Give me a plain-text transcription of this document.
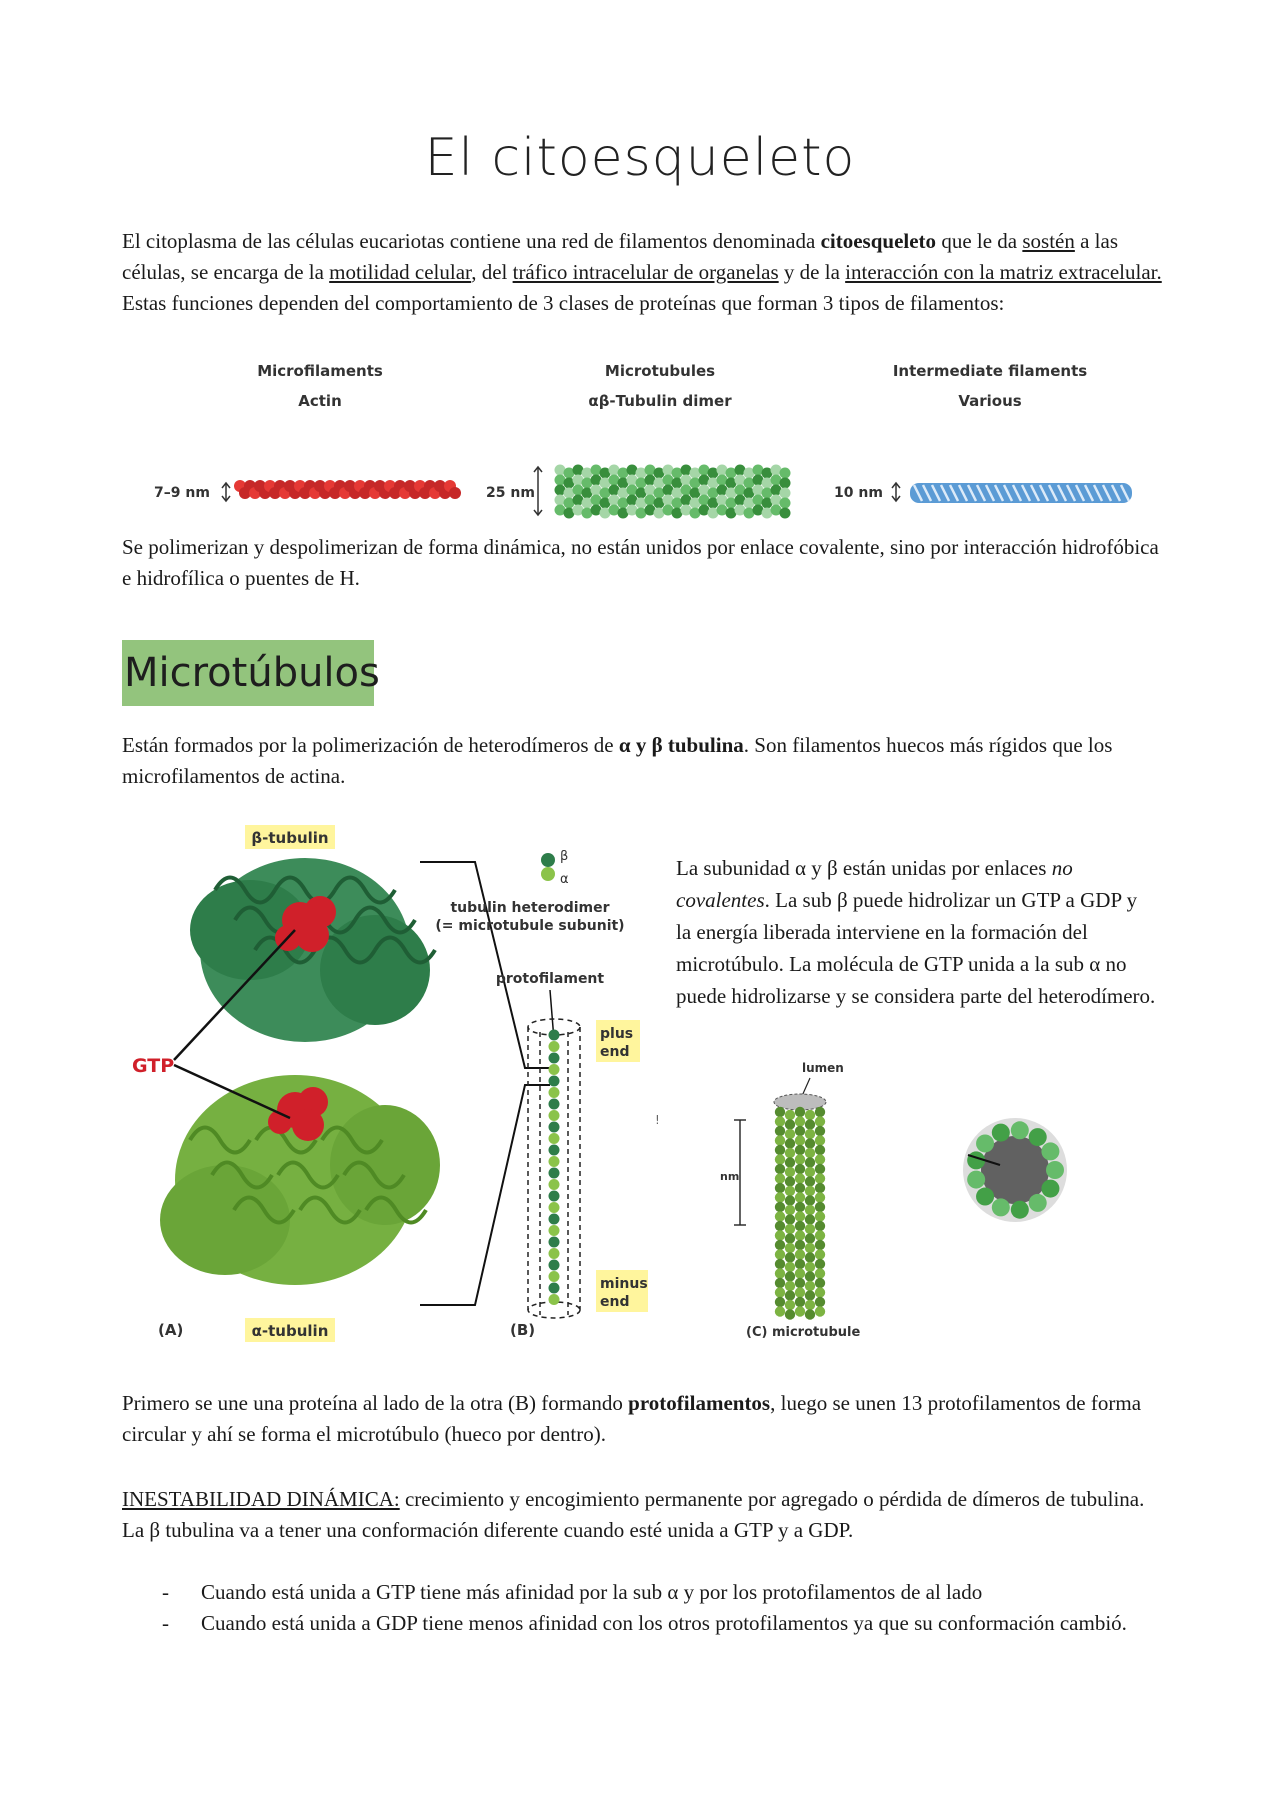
El citoesqueleto
El citoplasma de las células eucariotas contiene una red de filamentos denominada citoesqueleto que le da sostén a las células, se encarga de la motilidad celular, del tráfico intracelular de organelas y de la interacción con la matriz extracelular.
Estas funciones dependen del comportamiento de 3 clases de proteínas que forman 3 tipos de filamentos:
Microfilaments
Actin
Microtubules
αβ-Tubulin dimer
Intermediate filaments
Various
7–9 nm	25 nm	10 nm
Se polimerizan y despolimerizan de forma dinámica, no están unidos por enlace covalente, sino por interacción hidrofóbica e hidrofílica o puentes de H.
Microtúbulos
Están formados por la polimerización de heterodímeros de α y β tubulina. Son filamentos huecos más rígidos que los microfilamentos de actina.
β-tubulin
GTP
(A)	α-tubulin
β
α
tubulin heterodimer
(= microtubule subunit)
protofilament
plus
end
minus
end
(B)
!
La subunidad α y β están unidas por enlaces no covalentes. La sub β puede hidrolizar un GTP a GDP y la energía liberada interviene en la formación del microtúbulo. La molécula de GTP unida a la sub α no puede hidrolizarse y se considera parte del heterodímero.
lumen
nm
(C) microtubule
Primero se une una proteína al lado de la otra (B) formando protofilamentos, luego se unen 13 protofilamentos de forma circular y ahí se forma el microtúbulo (hueco por dentro).
INESTABILIDAD DINÁMICA: crecimiento y encogimiento permanente por agregado o pérdida de dímeros de tubulina.
La β tubulina va a tener una conformación diferente cuando esté unida a GTP y a GDP.
- Cuando está unida a GTP tiene más afinidad por la sub α y por los protofilamentos de al lado
- Cuando está unida a GDP tiene menos afinidad con los otros protofilamentos ya que su conformación cambió.
